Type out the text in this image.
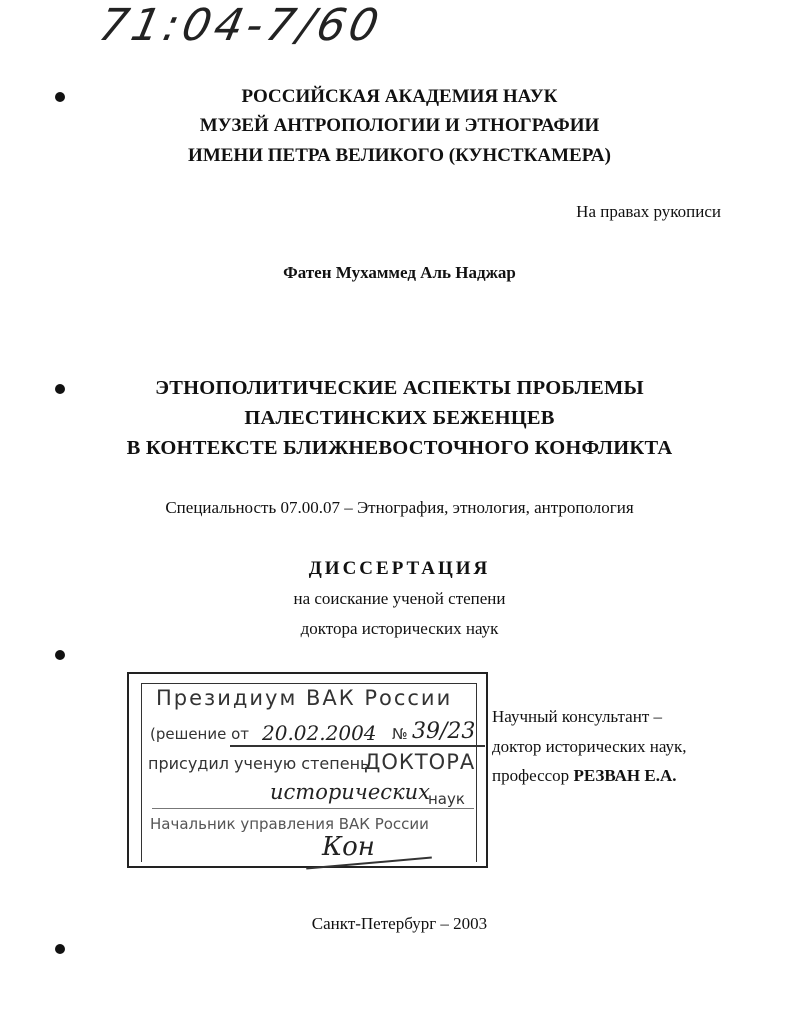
71:04-7/60
РОССИЙСКАЯ АКАДЕМИЯ НАУК
МУЗЕЙ АНТРОПОЛОГИИ И ЭТНОГРАФИИ
ИМЕНИ ПЕТРА ВЕЛИКОГО (КУНСТКАМЕРА)
На правах рукописи
Фатен Мухаммед Аль Наджар
ЭТНОПОЛИТИЧЕСКИЕ АСПЕКТЫ ПРОБЛЕМЫ
ПАЛЕСТИНСКИХ БЕЖЕНЦЕВ
В КОНТЕКСТЕ БЛИЖНЕВОСТОЧНОГО КОНФЛИКТА
Специальность 07.00.07 – Этнография, этнология, антропология
ДИССЕРТАЦИЯ
на соискание ученой степени
доктора исторических наук
Президиум ВАК России
(решение от 20.02.2004 № 39/23
присудил ученую степень
ДОКТОРА
исторических
наук
Начальник управления ВАК России
Кон
Научный консультант –
доктор исторических наук,
профессор РЕЗВАН Е.А.
Санкт-Петербург – 2003
